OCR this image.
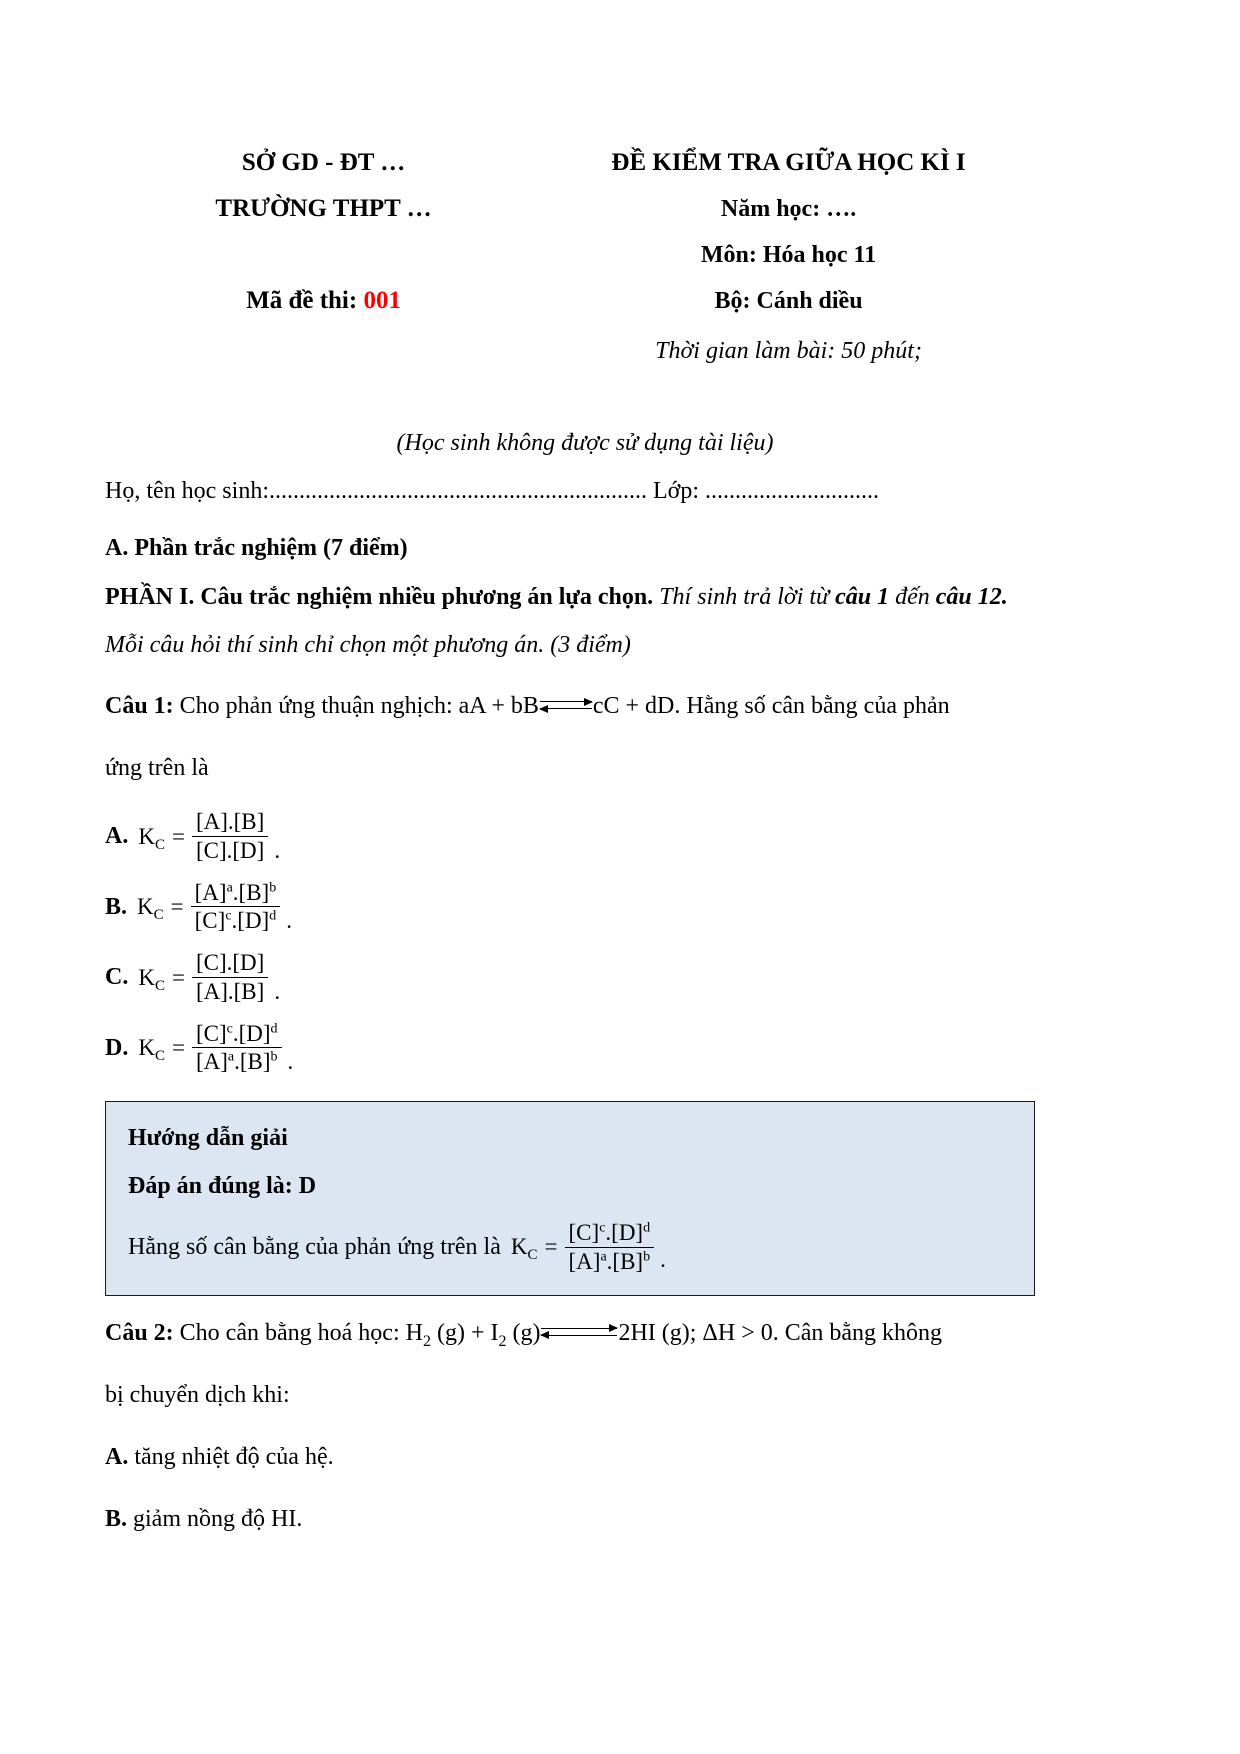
SỞ GD - ĐT …
TRƯỜNG THPT …
Mã đề thi: 001
ĐỀ KIỂM TRA GIỮA HỌC KÌ I
Năm học: ….
Môn: Hóa học 11
Bộ: Cánh diều
Thời gian làm bài: 50 phút;
(Học sinh không được sử dụng tài liệu)
Họ, tên học sinh:............................................................... Lớp: .............................
A. Phần trắc nghiệm (7 điểm)
PHẦN I. Câu trắc nghiệm nhiều phương án lựa chọn. Thí sinh trả lời từ câu 1 đến câu 12. Mỗi câu hỏi thí sinh chỉ chọn một phương án. (3 điểm)
Câu 1: Cho phản ứng thuận nghịch: aA + bB cC + dD. Hằng số cân bằng của phản
ứng trên là
A. $K_C = \frac{[A].[B]}{[C].[D]}$ .
B. $K_C = \frac{[A]^a.[B]^b}{[C]^c.[D]^d}$ .
C. $K_C = \frac{[C].[D]}{[A].[B]}$ .
D. $K_C = \frac{[C]^c.[D]^d}{[A]^a.[B]^b}$ .
Hướng dẫn giải
Đáp án đúng là: D
Hằng số cân bằng của phản ứng trên là $K_C = \frac{[C]^c.[D]^d}{[A]^a.[B]^b}$ .
Câu 2: Cho cân bằng hoá học: $H_2$ $(g) + I_2$ (g)	2HI (g); ΔH > 0. Cân bằng không
bị chuyển dịch khi:
A. tăng nhiệt độ của hệ.
B. giảm nồng độ HI.
